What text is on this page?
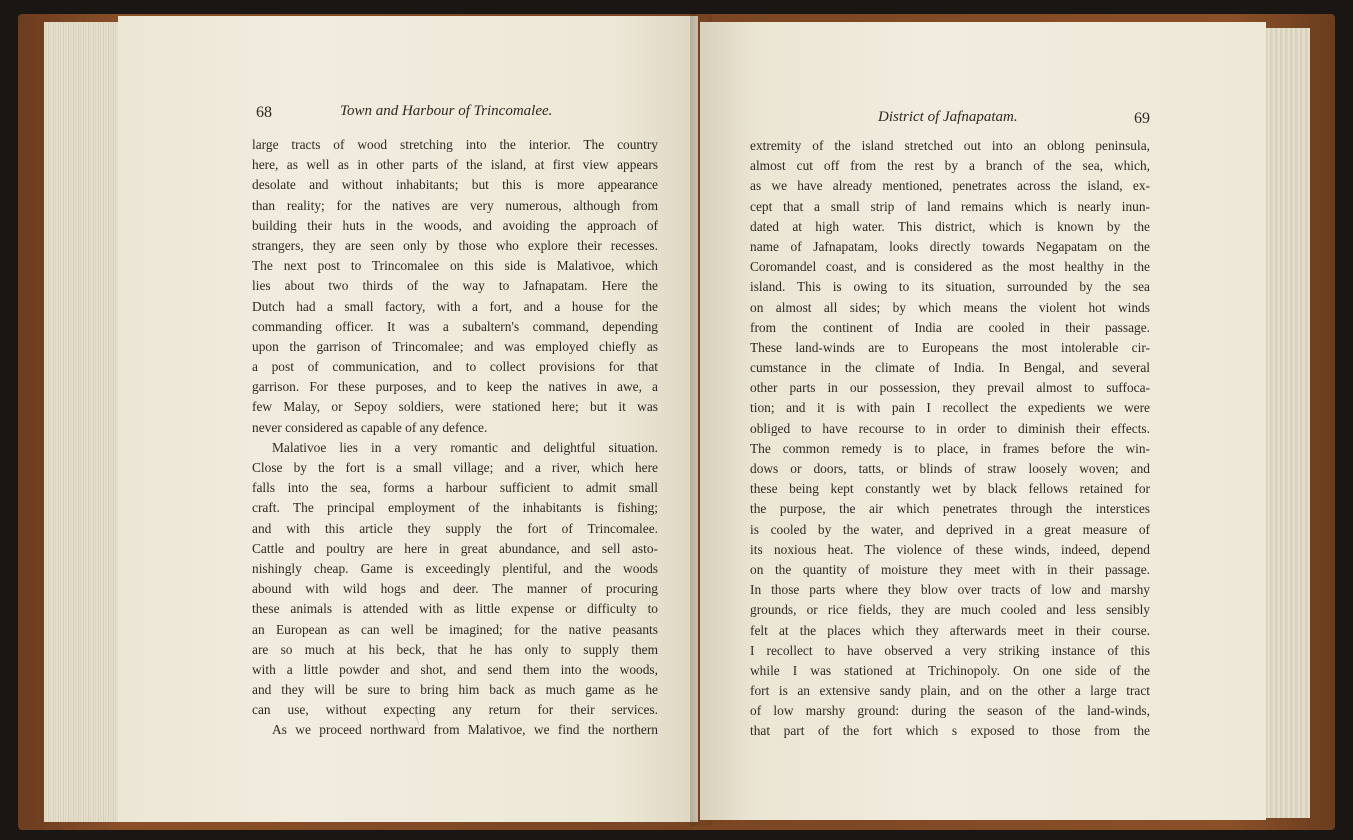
68	Town and Harbour of Trincomalee.
large tracts of wood stretching into the interior. The country
here, as well as in other parts of the island, at first view appears
desolate and without inhabitants; but this is more appearance
than reality; for the natives are very numerous, although from
building their huts in the woods, and avoiding the approach of
strangers, they are seen only by those who explore their recesses.
The next post to Trincomalee on this side is Malativoe, which
lies about two thirds of the way to Jafnapatam. Here the
Dutch had a small factory, with a fort, and a house for the
commanding officer. It was a subaltern's command, depending
upon the garrison of Trincomalee; and was employed chiefly as
a post of communication, and to collect provisions for that
garrison. For these purposes, and to keep the natives in awe, a
few Malay, or Sepoy soldiers, were stationed here; but it was
never considered as capable of any defence.
Malativoe lies in a very romantic and delightful situation.
Close by the fort is a small village; and a river, which here
falls into the sea, forms a harbour sufficient to admit small
craft. The principal employment of the inhabitants is fishing;
and with this article they supply the fort of Trincomalee.
Cattle and poultry are here in great abundance, and sell asto-
nishingly cheap. Game is exceedingly plentiful, and the woods
abound with wild hogs and deer. The manner of procuring
these animals is attended with as little expense or difficulty to
an European as can well be imagined; for the native peasants
are so much at his beck, that he has only to supply them
with a little powder and shot, and send them into the woods,
and they will be sure to bring him back as much game as he
can use, without expecting any return for their services.
As we proceed northward from Malativoe, we find the northern
District of Jafnapatam.	69
extremity of the island stretched out into an oblong peninsula,
almost cut off from the rest by a branch of the sea, which,
as we have already mentioned, penetrates across the island, ex-
cept that a small strip of land remains which is nearly inun-
dated at high water. This district, which is known by the
name of Jafnapatam, looks directly towards Negapatam on the
Coromandel coast, and is considered as the most healthy in the
island. This is owing to its situation, surrounded by the sea
on almost all sides; by which means the violent hot winds
from the continent of India are cooled in their passage.
These land-winds are to Europeans the most intolerable cir-
cumstance in the climate of India. In Bengal, and several
other parts in our possession, they prevail almost to suffoca-
tion; and it is with pain I recollect the expedients we were
obliged to have recourse to in order to diminish their effects.
The common remedy is to place, in frames before the win-
dows or doors, tatts, or blinds of straw loosely woven; and
these being kept constantly wet by black fellows retained for
the purpose, the air which penetrates through the interstices
is cooled by the water, and deprived in a great measure of
its noxious heat. The violence of these winds, indeed, depend
on the quantity of moisture they meet with in their passage.
In those parts where they blow over tracts of low and marshy
grounds, or rice fields, they are much cooled and less sensibly
felt at the places which they afterwards meet in their course.
I recollect to have observed a very striking instance of this
while I was stationed at Trichinopoly. On one side of the
fort is an extensive sandy plain, and on the other a large tract
of low marshy ground: during the season of the land-winds,
that part of the fort which s exposed to those from the
